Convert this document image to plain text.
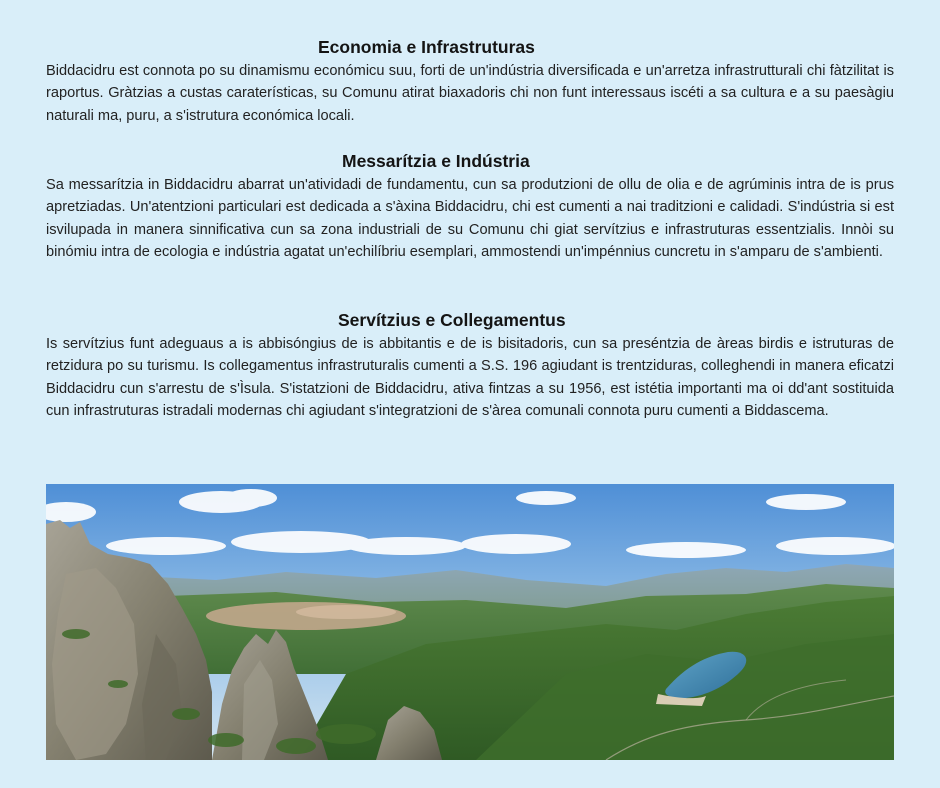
Economia e Infrastruturas

Biddacidru est connota po su dinamismu económicu suu, forti de un'indústria diversificada e un'arretza infrastrutturali chi fàtzilitat is raportus. Gràtzias a custas caraterísticas, su Comunu atirat biaxadoris chi non funt interessaus iscéti a sa cultura e a su paesàgiu naturali ma, puru, a s'istrutura económica locali.

Messarítzia e Indústria

Sa messarítzia in Biddacidru abarrat un'atividadi de fundamentu, cun sa produtzioni de ollu de olia e de agrúminis intra de is prus apretziadas. Un'atentzioni particulari est dedicada a s'àxina Biddacidru, chi est cumenti a nai traditzioni e calidadi. S'indústria si est isvilupada in manera sinnificativa cun sa zona industriali de su Comunu chi giat servítzius e infrastruturas essentzialis. Innòi su binómiu intra de ecologia e indústria agatat un'echilíbriu esemplari, ammostendi un'impénnius cuncretu in s'amparu de s'ambienti.

Servítzius e Collegamentus

Is servítzius funt adeguaus a is abbisóngius de is abbitantis e de is bisitadoris, cun sa preséntzia de àreas birdis e istruturas de retzidura po su turismu. Is collegamentus infrastruturalis cumenti a S.S. 196 agiudant is trentziduras, colleghendi in manera eficatzi Biddacidru cun s'arrestu de s'Ìsula. S'istatzioni de Biddacidru, ativa fintzas a su 1956, est istétia importanti ma oi dd'ant sostituida cun infrastruturas istradali modernas chi agiudant s'integratzioni de s'àrea comunali connota puru cumenti a Biddascema.
